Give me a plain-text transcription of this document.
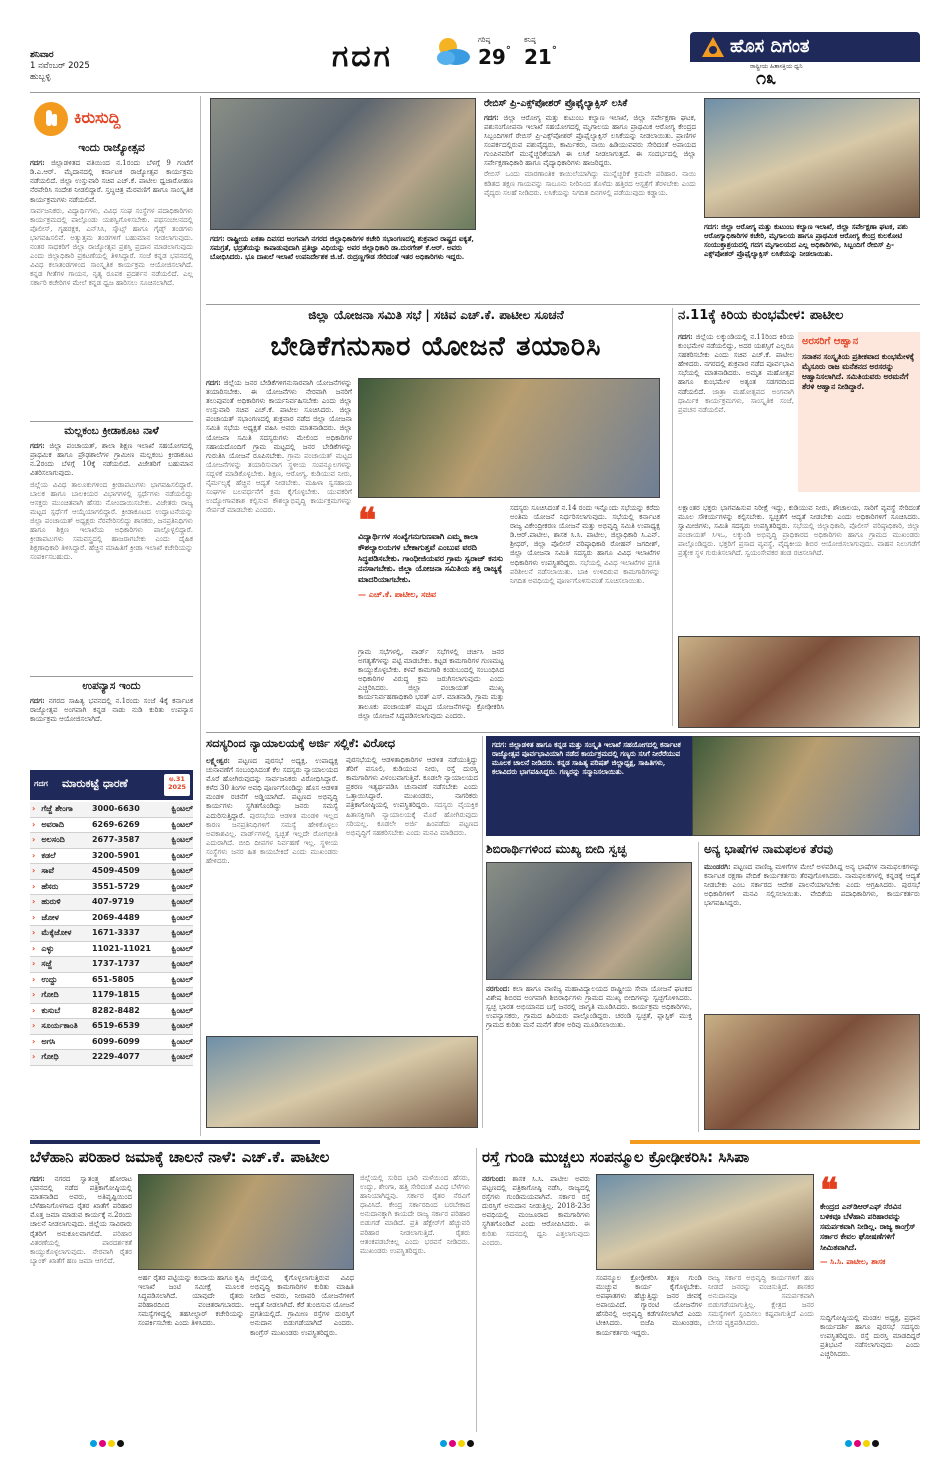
ಶನಿವಾರ
1 ನವೆಂಬರ್ 2025
ಹುಬ್ಬಳ್ಳಿ
ಗದಗ	ಗರಿಷ್ಠ
29°
ಕನಿಷ್ಠ
21°	ಹೊಸ ದಿಗಂತ
ರಾಷ್ಟ್ರೀಯ ಹಿತಾಸಕ್ತಿಯ ಧ್ವನಿ
೧೩
ಕಿರುಸುದ್ದಿ
ಇಂದು ರಾಜ್ಯೋತ್ಸವ
ಗದಗ: ಜಿಲ್ಲಾಡಳಿತದ ವತಿಯಿಂದ ನ.1ರಂದು ಬೆಳಗ್ಗೆ 9 ಗಂಟೆಗೆ ಡಿ.ಎ.ಆರ್. ಮೈದಾನದಲ್ಲಿ ಕರ್ನಾಟಕ ರಾಜ್ಯೋತ್ಸವ ಕಾರ್ಯಕ್ರಮ ನಡೆಯಲಿದೆ. ಜಿಲ್ಲಾ ಉಸ್ತುವಾರಿ ಸಚಿವ ಎಚ್.ಕೆ. ಪಾಟೀಲ ಧ್ವಜಾರೋಹಣ ನೆರವೇರಿಸಿ ಸಂದೇಶ ನೀಡಲಿದ್ದಾರೆ. ಸ್ತಬ್ಧಚಿತ್ರ ಮೆರವಣಿಗೆ ಹಾಗೂ ಸಾಂಸ್ಕೃತಿಕ ಕಾರ್ಯಕ್ರಮಗಳು ನಡೆಯಲಿವೆ.
ಸಾರ್ವಜನಿಕರು, ವಿದ್ಯಾರ್ಥಿಗಳು, ವಿವಿಧ ಸಂಘ ಸಂಸ್ಥೆಗಳ ಪದಾಧಿಕಾರಿಗಳು ಕಾರ್ಯಕ್ರಮದಲ್ಲಿ ಪಾಲ್ಗೊಂಡು ಯಶಸ್ವಿಗೊಳಿಸಬೇಕು. ಪಥಸಂಚಲನದಲ್ಲಿ ಪೊಲೀಸ್, ಗೃಹರಕ್ಷಕ, ಎನ್‌ಸಿಸಿ, ಸ್ಕೌಟ್ಸ್ ಹಾಗೂ ಗೈಡ್ಸ್ ತಂಡಗಳು ಭಾಗವಹಿಸಲಿವೆ. ಅತ್ಯುತ್ತಮ ತಂಡಗಳಿಗೆ ಬಹುಮಾನ ನೀಡಲಾಗುವುದು. ನಂತರ ಸಾಧಕರಿಗೆ ಜಿಲ್ಲಾ ರಾಜ್ಯೋತ್ಸವ ಪ್ರಶಸ್ತಿ ಪ್ರದಾನ ಮಾಡಲಾಗುವುದು ಎಂದು ಜಿಲ್ಲಾಧಿಕಾರಿ ಪ್ರಕಟಣೆಯಲ್ಲಿ ತಿಳಿಸಿದ್ದಾರೆ. ಸಂಜೆ ಕನ್ನಡ ಭವನದಲ್ಲಿ ವಿವಿಧ ಕಲಾತಂಡಗಳಿಂದ ಸಾಂಸ್ಕೃತಿಕ ಕಾರ್ಯಕ್ರಮ ಆಯೋಜಿಸಲಾಗಿದೆ. ಕನ್ನಡ ಗೀತೆಗಳ ಗಾಯನ, ನೃತ್ಯ ರೂಪಕ ಪ್ರದರ್ಶನ ನಡೆಯಲಿದೆ. ಎಲ್ಲ ಸರ್ಕಾರಿ ಕಚೇರಿಗಳ ಮೇಲೆ ಕನ್ನಡ ಧ್ವಜ ಹಾರಿಸಲು ಸೂಚಿಸಲಾಗಿದೆ.
ಮಲ್ಲಕಂಬ ಕ್ರೀಡಾಕೂಟ ನಾಳೆ
ಗದಗ: ಜಿಲ್ಲಾ ಪಂಚಾಯತ್, ಶಾಲಾ ಶಿಕ್ಷಣ ಇಲಾಖೆ ಸಹಯೋಗದಲ್ಲಿ ಪ್ರಾಥಮಿಕ ಹಾಗೂ ಪ್ರೌಢಶಾಲೆಗಳ ಗ್ರಾಮೀಣ ಮಲ್ಲಕಂಬ ಕ್ರೀಡಾಕೂಟ ನ.2ರಂದು ಬೆಳಗ್ಗೆ 10ಕ್ಕೆ ನಡೆಯಲಿದೆ. ವಿಜೇತರಿಗೆ ಬಹುಮಾನ ವಿತರಿಸಲಾಗುವುದು.
ಜಿಲ್ಲೆಯ ವಿವಿಧ ತಾಲೂಕುಗಳಿಂದ ಕ್ರೀಡಾಪಟುಗಳು ಭಾಗವಹಿಸಲಿದ್ದಾರೆ. ಬಾಲಕ ಹಾಗೂ ಬಾಲಕಿಯರ ವಿಭಾಗಗಳಲ್ಲಿ ಸ್ಪರ್ಧೆಗಳು ನಡೆಯಲಿದ್ದು ಆಸಕ್ತರು ಮುಂಚಿತವಾಗಿ ಹೆಸರು ನೋಂದಾಯಿಸಬೇಕು. ವಿಜೇತರು ರಾಜ್ಯ ಮಟ್ಟದ ಸ್ಪರ್ಧೆಗೆ ಆಯ್ಕೆಯಾಗಲಿದ್ದಾರೆ. ಕ್ರೀಡಾಕೂಟದ ಉದ್ಘಾಟನೆಯನ್ನು ಜಿಲ್ಲಾ ಪಂಚಾಯತ್ ಅಧ್ಯಕ್ಷರು ನೆರವೇರಿಸಲಿದ್ದು ಶಾಸಕರು, ಜನಪ್ರತಿನಿಧಿಗಳು ಹಾಗೂ ಶಿಕ್ಷಣ ಇಲಾಖೆಯ ಅಧಿಕಾರಿಗಳು ಪಾಲ್ಗೊಳ್ಳಲಿದ್ದಾರೆ. ಕ್ರೀಡಾಪಟುಗಳು ಸಮವಸ್ತ್ರದಲ್ಲಿ ಹಾಜರಾಗಬೇಕು ಎಂದು ದೈಹಿಕ ಶಿಕ್ಷಣಾಧಿಕಾರಿ ತಿಳಿಸಿದ್ದಾರೆ. ಹೆಚ್ಚಿನ ಮಾಹಿತಿಗೆ ಕ್ರೀಡಾ ಇಲಾಖೆ ಕಚೇರಿಯನ್ನು ಸಂಪರ್ಕಿಸಬಹುದು.
ಉಪನ್ಯಾಸ ಇಂದು
ಗದಗ: ನಗರದ ಸಾಹಿತ್ಯ ಭವನದಲ್ಲಿ ನ.1ರಂದು ಸಂಜೆ 4ಕ್ಕೆ ಕರ್ನಾಟಕ ರಾಜ್ಯೋತ್ಸವ ಅಂಗವಾಗಿ ಕನ್ನಡ ನಾಡು ನುಡಿ ಕುರಿತು ಉಪನ್ಯಾಸ ಕಾರ್ಯಕ್ರಮ ಆಯೋಜಿಸಲಾಗಿದೆ.
ಗದಗ	ಮಾರುಕಟ್ಟೆ ಧಾರಣೆ	ಅ.31 2025
› ಗೆಜ್ಜೆ ಶೇಂಗಾ	3000-6630	ಕ್ವಿಂಟಲ್
› ಅವರಾದಿ	6269-6269	ಕ್ವಿಂಟಲ್
› ಅಲಸಂದಿ	2677-3587	ಕ್ವಿಂಟಲ್
› ಕಡಲೆ	3200-5901	ಕ್ವಿಂಟಲ್
› ಸಾವೆ	4509-4509	ಕ್ವಿಂಟಲ್
› ಹೆಸರು	3551-5729	ಕ್ವಿಂಟಲ್
› ಹುರುಳಿ	407-9719	ಕ್ವಿಂಟಲ್
› ಜೋಳ	2069-4489	ಕ್ವಿಂಟಲ್
› ಮೆಕ್ಕೆಜೋಳ	1671-3337	ಕ್ವಿಂಟಲ್
› ಎಳ್ಳು	11021-11021	ಕ್ವಿಂಟಲ್
› ಸಜ್ಜೆ	1737-1737	ಕ್ವಿಂಟಲ್
› ಉದ್ದು	651-5805	ಕ್ವಿಂಟಲ್
› ಗೋದಿ	1179-1815	ಕ್ವಿಂಟಲ್
› ಕುಸುಬೆ	8282-8482	ಕ್ವಿಂಟಲ್
› ಸೂರ್ಯಕಾಂತಿ	6519-6539	ಕ್ವಿಂಟಲ್
› ಅಗಸಿ	6099-6099	ಕ್ವಿಂಟಲ್
› ಗೋಧಿ	2229-4077	ಕ್ವಿಂಟಲ್
ಗದಗ: ರಾಷ್ಟ್ರೀಯ ಏಕತಾ ದಿವಸದ ಅಂಗವಾಗಿ ನಗರದ ಜಿಲ್ಲಾಧಿಕಾರಿಗಳ ಕಚೇರಿ ಸಭಾಂಗಣದಲ್ಲಿ ಶುಕ್ರವಾರ ರಾಷ್ಟ್ರದ ಐಕ್ಯತೆ, ಸಮಗ್ರತೆ, ಭದ್ರತೆಯನ್ನು ಕಾಪಾಡುವುದಾಗಿ ಪ್ರತಿಜ್ಞಾ ವಿಧಿಯನ್ನು ಅಪರ ಜಿಲ್ಲಾಧಿಕಾರಿ ಡಾ.ದುರಗೇಶ್ ಕೆ.ಆರ್. ಅವರು ಬೋಧಿಸಿದರು. ಭೂ ದಾಖಲೆ ಇಲಾಖೆ ಉಪನಿರ್ದೇಶಕ ಜಿ.ಜೆ. ರುದ್ರಣ್ಣಗೌಡ ಸೇರಿದಂತೆ ಇತರ ಅಧಿಕಾರಿಗಳು ಇದ್ದರು.
ರೇಬಿಸ್ ಪ್ರಿ-ಎಕ್ಸ್‌ಪೋಶರ್ ಪ್ರೊಫೈಲ್ಯಾಕ್ಸಿಸ್ ಲಸಿಕೆ
ಗದಗ: ಜಿಲ್ಲಾ ಆರೋಗ್ಯ ಮತ್ತು ಕುಟುಂಬ ಕಲ್ಯಾಣ ಇಲಾಖೆ, ಜಿಲ್ಲಾ ಸರ್ವೇಕ್ಷಣಾ ಘಟಕ, ಪಶುಸಂಗೋಪನಾ ಇಲಾಖೆ ಸಹಯೋಗದಲ್ಲಿ ಮೃಗಾಲಯ ಹಾಗೂ ಪ್ರಾಥಮಿಕ ಆರೋಗ್ಯ ಕೇಂದ್ರದ ಸಿಬ್ಬಂದಿಗಳಿಗೆ ರೇಬಿಸ್ ಪ್ರಿ-ಎಕ್ಸ್‌ಪೋಶರ್ ಪ್ರೊಫೈಲ್ಯಾಕ್ಸಿಸ್ ಲಸಿಕೆಯನ್ನು ನೀಡಲಾಯಿತು. ಪ್ರಾಣಿಗಳ ಸಂಪರ್ಕದಲ್ಲಿರುವ ಪಶುವೈದ್ಯರು, ಕಾರ್ಮಿಕರು, ನಾಯಿ ಹಿಡಿಯುವವರು ಸೇರಿದಂತೆ ಅಪಾಯದ ಗುಂಪಿನವರಿಗೆ ಮುನ್ನೆಚ್ಚರಿಕೆಯಾಗಿ ಈ ಲಸಿಕೆ ನೀಡಲಾಗುತ್ತದೆ. ಈ ಸಂದರ್ಭದಲ್ಲಿ ಜಿಲ್ಲಾ ಸರ್ವೇಕ್ಷಣಾಧಿಕಾರಿ ಹಾಗೂ ವೈದ್ಯಾಧಿಕಾರಿಗಳು ಹಾಜರಿದ್ದರು.
ರೇಬಿಸ್ ಒಂದು ಮಾರಣಾಂತಿಕ ಕಾಯಿಲೆಯಾಗಿದ್ದು ಮುನ್ನೆಚ್ಚರಿಕೆ ಕ್ರಮವೇ ಪರಿಹಾರ. ನಾಯಿ ಕಡಿತದ ತಕ್ಷಣ ಗಾಯವನ್ನು ಸಾಬೂನು ನೀರಿನಿಂದ ತೊಳೆದು ಹತ್ತಿರದ ಆಸ್ಪತ್ರೆಗೆ ತೆರಳಬೇಕು ಎಂದು ವೈದ್ಯರು ಸಲಹೆ ನೀಡಿದರು. ಲಸಿಕೆಯನ್ನು ನಿಗದಿತ ದಿನಗಳಲ್ಲಿ ಪಡೆಯುವುದು ಕಡ್ಡಾಯ.
ಗದಗ: ಜಿಲ್ಲಾ ಆರೋಗ್ಯ ಮತ್ತು ಕುಟುಂಬ ಕಲ್ಯಾಣ ಇಲಾಖೆ, ಜಿಲ್ಲಾ ಸರ್ವೇಕ್ಷಣಾ ಘಟಕ, ಪಶು ಆರೋಗ್ಯಾಧಿಕಾರಿಗಳ ಕಚೇರಿ, ಮೃಗಾಲಯ ಹಾಗೂ ಪ್ರಾಥಮಿಕ ಆರೋಗ್ಯ ಕೇಂದ್ರ ಕುಲಕೋಟಿ ಸಂಯುಕ್ತಾಶ್ರಯದಲ್ಲಿ ಗದಗ ಮೃಗಾಲಯದ ಎಲ್ಲ ಅಧಿಕಾರಿಗಳು, ಸಿಬ್ಬಂದಿಗೆ ರೇಬಿಸ್ ಪ್ರಿ-ಎಕ್ಸ್‌ಪೋಶರ್ ಪ್ರೊಫೈಲ್ಯಾಕ್ಸಿಸ್ ಲಸಿಕೆಯನ್ನು ನೀಡಲಾಯಿತು.
ಜಿಲ್ಲಾ ಯೋಜನಾ ಸಮಿತಿ ಸಭೆ | ಸಚಿವ ಎಚ್.ಕೆ. ಪಾಟೀಲ ಸೂಚನೆ
ಬೇಡಿಕೆಗನುಸಾರ ಯೋಜನೆ ತಯಾರಿಸಿ
ಗದಗ: ಜಿಲ್ಲೆಯ ಜನರ ಬೇಡಿಕೆಗಳಿಗನುಸಾರವಾಗಿ ಯೋಜನೆಗಳನ್ನು ತಯಾರಿಸಬೇಕು. ಈ ಯೋಜನೆಗಳು ನೇರವಾಗಿ ಜನರಿಗೆ ತಲುಪುವಂತೆ ಅಧಿಕಾರಿಗಳು ಕಾರ್ಯನಿರ್ವಹಿಸಬೇಕು ಎಂದು ಜಿಲ್ಲಾ ಉಸ್ತುವಾರಿ ಸಚಿವ ಎಚ್.ಕೆ. ಪಾಟೀಲ ಸೂಚಿಸಿದರು. ಜಿಲ್ಲಾ ಪಂಚಾಯತ್ ಸಭಾಂಗಣದಲ್ಲಿ ಶುಕ್ರವಾರ ನಡೆದ ಜಿಲ್ಲಾ ಯೋಜನಾ ಸಮಿತಿ ಸಭೆಯ ಅಧ್ಯಕ್ಷತೆ ವಹಿಸಿ ಅವರು ಮಾತನಾಡಿದರು. ಜಿಲ್ಲಾ ಯೋಜನಾ ಸಮಿತಿ ಸದಸ್ಯರುಗಳು ಮೇಲಿಂದ ಅಧಿಕಾರಿಗಳ ಸಹಾಯದೊಂದಿಗೆ ಗ್ರಾಮ ಮಟ್ಟದಲ್ಲಿ ಜನರ ಬೇಡಿಕೆಗಳನ್ನು ಗುರುತಿಸಿ ಯೋಜನೆ ರೂಪಿಸಬೇಕು. ಗ್ರಾಮ ಪಂಚಾಯತ್ ಮಟ್ಟದ ಯೋಜನೆಗಳನ್ನು ತಯಾರಿಸುವಾಗ ಸ್ಥಳೀಯ ಸಂಪನ್ಮೂಲಗಳನ್ನು ಸದ್ಬಳಕೆ ಮಾಡಿಕೊಳ್ಳಬೇಕು. ಶಿಕ್ಷಣ, ಆರೋಗ್ಯ, ಕುಡಿಯುವ ನೀರು, ನೈರ್ಮಲ್ಯಕ್ಕೆ ಹೆಚ್ಚಿನ ಆದ್ಯತೆ ನೀಡಬೇಕು. ಮಹಿಳಾ ಸ್ವಸಹಾಯ ಸಂಘಗಳ ಬಲವರ್ಧನೆಗೆ ಕ್ರಮ ಕೈಗೊಳ್ಳಬೇಕು. ಯುವಕರಿಗೆ ಉದ್ಯೋಗಾವಕಾಶ ಕಲ್ಪಿಸುವ ಕೌಶಲ್ಯಾಭಿವೃದ್ಧಿ ಕಾರ್ಯಕ್ರಮಗಳನ್ನು ಸೇರ್ಪಡೆ ಮಾಡಬೇಕು ಎಂದರು.	❝
ವಿದ್ಯಾರ್ಥಿಗಳ ಸಂಖ್ಯೆಗನುಗುಣವಾಗಿ ಎಮ್ಮ ಕಾಲಾ ಕೌಶಲ್ಯಾಲಯಗಳ ಬೇಕಾಗುತ್ತವೆ ಎಂಬುವ ವರದಿ ಸಿದ್ಧಪಡಿಸಬೇಕು. ಗಾಂಧೀಜಿಯವರ ಗ್ರಾಮ ಸ್ವರಾಜ್ ಕನಸು ನನಸಾಗಬೇಕು. ಜಿಲ್ಲಾ ಯೋಜನಾ ಸಮಿತಿಯ ಶಕ್ತಿ ರಾಜ್ಯಕ್ಕೆ ಮಾದರಿಯಾಗಬೇಕು.
— ಎಚ್.ಕೆ. ಪಾಟೀಲ, ಸಚಿವ
ಗ್ರಾಮ ಸಭೆಗಳಲ್ಲಿ, ವಾರ್ಡ್ ಸಭೆಗಳಲ್ಲಿ ಚರ್ಚಿಸಿ ಜನರ ಅಗತ್ಯತೆಗಳನ್ನು ಪಟ್ಟಿ ಮಾಡಬೇಕು. ಕಟ್ಟಡ ಕಾಮಗಾರಿಗಳ ಗುಣಮಟ್ಟ ಕಾಯ್ದುಕೊಳ್ಳಬೇಕು. ಕಳಪೆ ಕಾಮಗಾರಿ ಕಂಡುಬಂದಲ್ಲಿ ಸಂಬಂಧಿಸಿದ ಅಧಿಕಾರಿಗಳ ವಿರುದ್ಧ ಕ್ರಮ ಜರುಗಿಸಲಾಗುವುದು ಎಂದು ಎಚ್ಚರಿಸಿದರು. ಜಿಲ್ಲಾ ಪಂಚಾಯತ್ ಮುಖ್ಯ ಕಾರ್ಯನಿರ್ವಹಣಾಧಿಕಾರಿ ಭರತ್ ಎಸ್. ಮಾತನಾಡಿ, ಗ್ರಾಮ ಮತ್ತು ತಾಲೂಕು ಪಂಚಾಯತ್ ಮಟ್ಟದ ಯೋಜನೆಗಳನ್ನು ಕ್ರೋಢೀಕರಿಸಿ ಜಿಲ್ಲಾ ಯೋಜನೆ ಸಿದ್ಧಪಡಿಸಲಾಗುವುದು ಎಂದರು.
ಸದಸ್ಯರು ಸೂಚಿಸಿದಂತೆ ನ.14 ರಂದು ಇನ್ನೊಂದು ಸಭೆಯನ್ನು ಕರೆದು ಅಂತಿಮ ಯೋಜನೆ ನಿರ್ಧರಿಸಲಾಗುವುದು. ಸಭೆಯಲ್ಲಿ ಕರ್ನಾಟಕ ರಾಜ್ಯ ವಿಕೇಂದ್ರೀಕರಣ ಯೋಜನೆ ಮತ್ತು ಅಭಿವೃದ್ಧಿ ಸಮಿತಿ ಉಪಾಧ್ಯಕ್ಷ ಡಿ.ಆರ್.ಪಾಟೀಲ, ಶಾಸಕ ಸಿ.ಸಿ. ಪಾಟೀಲ, ಜಿಲ್ಲಾಧಿಕಾರಿ ಸಿ.ಎನ್. ಶ್ರೀಧರ್, ಜಿಲ್ಲಾ ಪೊಲೀಸ್ ವರಿಷ್ಠಾಧಿಕಾರಿ ರೋಹನ್ ಜಗದೀಶ್, ಜಿಲ್ಲಾ ಯೋಜನಾ ಸಮಿತಿ ಸದಸ್ಯರು ಹಾಗೂ ವಿವಿಧ ಇಲಾಖೆಗಳ ಅಧಿಕಾರಿಗಳು ಉಪಸ್ಥಿತರಿದ್ದರು. ಸಭೆಯಲ್ಲಿ ವಿವಿಧ ಇಲಾಖೆಗಳ ಪ್ರಗತಿ ಪರಿಶೀಲನೆ ನಡೆಸಲಾಯಿತು. ಬಾಕಿ ಉಳಿದಿರುವ ಕಾಮಗಾರಿಗಳನ್ನು ನಿಗದಿತ ಅವಧಿಯಲ್ಲಿ ಪೂರ್ಣಗೊಳಿಸುವಂತೆ ಸೂಚಿಸಲಾಯಿತು.
ನ.11ಕ್ಕೆ ಕಿರಿಯ ಕುಂಭಮೇಳ: ಪಾಟೀಲ
ಗದಗ: ಜಿಲ್ಲೆಯ ಲಕ್ಕುಂಡಿಯಲ್ಲಿ ನ.11ರಿಂದ ಕಿರಿಯ ಕುಂಭಮೇಳ ನಡೆಯಲಿದ್ದು, ಅದರ ಯಶಸ್ಸಿಗೆ ಎಲ್ಲರೂ ಸಹಕರಿಸಬೇಕು ಎಂದು ಸಚಿವ ಎಚ್.ಕೆ. ಪಾಟೀಲ ಹೇಳಿದರು. ನಗರದಲ್ಲಿ ಶುಕ್ರವಾರ ನಡೆದ ಪೂರ್ವಭಾವಿ ಸಭೆಯಲ್ಲಿ ಮಾತನಾಡಿದರು. ಅಮೃತ ಮಹೋತ್ಸವ ಹಾಗೂ ಕುಂಭಮೇಳ ಅತ್ಯಂತ ಸಡಗರದಿಂದ ನಡೆಯಲಿದೆ. ಜಾತ್ರಾ ಮಹೋತ್ಸವದ ಅಂಗವಾಗಿ ಧಾರ್ಮಿಕ ಕಾರ್ಯಕ್ರಮಗಳು, ಸಾಂಸ್ಕೃತಿಕ ಸಂಜೆ, ಪ್ರವಚನ ನಡೆಯಲಿವೆ.
ಅರಸರಿಗೆ ಆಹ್ವಾನ
ಸನಾತನ ಸಂಸ್ಕೃತಿಯ ಪ್ರತೀಕವಾದ ಕುಂಭಮೇಳಕ್ಕೆ ಮೈಸೂರು ರಾಜ ಮನೆತನದ ಅರಸರನ್ನು ಆಹ್ವಾನಿಸಲಾಗಿದೆ. ಸಮಿತಿಯವರು ಅರಮನೆಗೆ ತೆರಳಿ ಆಹ್ವಾನ ನೀಡಿದ್ದಾರೆ.
ಲಕ್ಷಾಂತರ ಭಕ್ತರು ಭಾಗವಹಿಸುವ ನಿರೀಕ್ಷೆ ಇದ್ದು, ಕುಡಿಯುವ ನೀರು, ಶೌಚಾಲಯ, ಸಾರಿಗೆ ವ್ಯವಸ್ಥೆ ಸೇರಿದಂತೆ ಮೂಲ ಸೌಕರ್ಯಗಳನ್ನು ಕಲ್ಪಿಸಬೇಕು. ಸ್ವಚ್ಛತೆಗೆ ಆದ್ಯತೆ ನೀಡಬೇಕು ಎಂದು ಅಧಿಕಾರಿಗಳಿಗೆ ಸೂಚಿಸಿದರು. ಸ್ವಾಮೀಜಿಗಳು, ಸಮಿತಿ ಸದಸ್ಯರು ಉಪಸ್ಥಿತರಿದ್ದರು. ಸಭೆಯಲ್ಲಿ ಜಿಲ್ಲಾಧಿಕಾರಿ, ಪೊಲೀಸ್ ವರಿಷ್ಠಾಧಿಕಾರಿ, ಜಿಲ್ಲಾ ಪಂಚಾಯತ್ ಸಿಇಒ, ಲಕ್ಕುಂಡಿ ಅಭಿವೃದ್ಧಿ ಪ್ರಾಧಿಕಾರದ ಅಧಿಕಾರಿಗಳು ಹಾಗೂ ಗ್ರಾಮದ ಮುಖಂಡರು ಪಾಲ್ಗೊಂಡಿದ್ದರು. ಭಕ್ತರಿಗೆ ಪ್ರಸಾದ ವ್ಯವಸ್ಥೆ, ವೈದ್ಯಕೀಯ ಶಿಬಿರ ಆಯೋಜಿಸಲಾಗುವುದು. ವಾಹನ ನಿಲುಗಡೆಗೆ ಪ್ರತ್ಯೇಕ ಸ್ಥಳ ಗುರುತಿಸಲಾಗಿದೆ. ಸ್ವಯಂಸೇವಕರ ತಂಡ ರಚಿಸಲಾಗಿದೆ.
ಸದಸ್ಯರಿಂದ ನ್ಯಾಯಾಲಯಕ್ಕೆ ಅರ್ಜಿ ಸಲ್ಲಿಕೆ: ವಿರೋಧ
ಲಕ್ಷ್ಮೇಶ್ವರ: ಪಟ್ಟಣದ ಪುರಸಭೆ ಅಧ್ಯಕ್ಷ, ಉಪಾಧ್ಯಕ್ಷ ಚುನಾವಣೆಗೆ ಸಂಬಂಧಿಸಿದಂತೆ ಕೆಲ ಸದಸ್ಯರು ನ್ಯಾಯಾಲಯದ ಮೊರೆ ಹೋಗಿರುವುದನ್ನು ಸಾರ್ವಜನಿಕರು ವಿರೋಧಿಸಿದ್ದಾರೆ. ಕಳೆದ 30 ತಿಂಗಳ ಅವಧಿ ಪೂರ್ಣಗೊಂಡಿದ್ದು ಹೊಸ ಆಡಳಿತ ಮಂಡಳಿ ರಚನೆಗೆ ಅಡ್ಡಿಯಾಗಿದೆ. ಪಟ್ಟಣದ ಅಭಿವೃದ್ಧಿ ಕಾರ್ಯಗಳು ಸ್ಥಗಿತಗೊಂಡಿದ್ದು ಜನರು ಸಮಸ್ಯೆ ಎದುರಿಸುತ್ತಿದ್ದಾರೆ. ಪುರಸಭೆಯ ಆಡಳಿತ ಮಂಡಳಿ ಇಲ್ಲದ ಕಾರಣ ಜನಪ್ರತಿನಿಧಿಗಳಿಗೆ ಸಮಸ್ಯೆ ಹೇಳಿಕೊಳ್ಳಲು ಅವಕಾಶವಿಲ್ಲ. ವಾರ್ಡ್‌ಗಳಲ್ಲಿ ಸ್ವಚ್ಛತೆ ಇಲ್ಲದೇ ರೋಗಭೀತಿ ಎದುರಾಗಿದೆ. ಬೀದಿ ದೀಪಗಳ ನಿರ್ವಹಣೆ ಇಲ್ಲ. ಸ್ಥಳೀಯ ಸಂಸ್ಥೆಗಳು ಜನರ ಹಿತ ಕಾಯಬೇಕಿದೆ ಎಂದು ಮುಖಂಡರು ಹೇಳಿದರು.
ಪುರಸಭೆಯಲ್ಲಿ ಆಡಳಿತಾಧಿಕಾರಿಗಳ ಆಡಳಿತ ನಡೆಯುತ್ತಿದ್ದು ತೆರಿಗೆ ವಸೂಲಿ, ಕುಡಿಯುವ ನೀರು, ರಸ್ತೆ ದುರಸ್ತಿ ಕಾಮಗಾರಿಗಳು ವಿಳಂಬವಾಗುತ್ತಿವೆ. ಕೂಡಲೇ ನ್ಯಾಯಾಲಯದ ಪ್ರಕರಣ ಇತ್ಯರ್ಥಪಡಿಸಿ ಚುನಾವಣೆ ನಡೆಸಬೇಕು ಎಂದು ಒತ್ತಾಯಿಸಿದ್ದಾರೆ. ಮುಖಂಡರು, ನಾಗರಿಕರು ಪತ್ರಿಕಾಗೋಷ್ಠಿಯಲ್ಲಿ ಉಪಸ್ಥಿತರಿದ್ದರು. ಸದಸ್ಯರು ವೈಯಕ್ತಿಕ ಹಿತಾಸಕ್ತಿಗಾಗಿ ನ್ಯಾಯಾಲಯಕ್ಕೆ ಮೊರೆ ಹೋಗಿರುವುದು ಸರಿಯಲ್ಲ. ಕೂಡಲೇ ಅರ್ಜಿ ಹಿಂಪಡೆದು ಪಟ್ಟಣದ ಅಭಿವೃದ್ಧಿಗೆ ಸಹಕರಿಸಬೇಕು ಎಂದು ಮನವಿ ಮಾಡಿದರು.
ಗದಗ: ಜಿಲ್ಲಾಡಳಿತ ಹಾಗೂ ಕನ್ನಡ ಮತ್ತು ಸಂಸ್ಕೃತಿ ಇಲಾಖೆ ಸಹಯೋಗದಲ್ಲಿ ಕರ್ನಾಟಕ ರಾಜ್ಯೋತ್ಸವ ಪೂರ್ವಭಾವಿಯಾಗಿ ನಡೆದ ಕಾರ್ಯಕ್ರಮದಲ್ಲಿ ಗಣ್ಯರು ಸಸಿಗೆ ನೀರೆರೆಯುವ ಮೂಲಕ ಚಾಲನೆ ನೀಡಿದರು. ಕನ್ನಡ ಸಾಹಿತ್ಯ ಪರಿಷತ್ ಜಿಲ್ಲಾಧ್ಯಕ್ಷ, ಸಾಹಿತಿಗಳು, ಕಲಾವಿದರು ಭಾಗವಹಿಸಿದ್ದರು. ಗಣ್ಯರನ್ನು ಸನ್ಮಾನಿಸಲಾಯಿತು.
ಶಿಬಿರಾರ್ಥಿಗಳಿಂದ ಮುಖ್ಯ ಬೀದಿ ಸ್ವಚ್ಛ
ನರಗುಂದ: ಕಲಾ ಹಾಗೂ ವಾಣಿಜ್ಯ ಮಹಾವಿದ್ಯಾಲಯದ ರಾಷ್ಟ್ರೀಯ ಸೇವಾ ಯೋಜನೆ ಘಟಕದ ವಿಶೇಷ ಶಿಬಿರದ ಅಂಗವಾಗಿ ಶಿಬಿರಾರ್ಥಿಗಳು ಗ್ರಾಮದ ಮುಖ್ಯ ಬೀದಿಗಳನ್ನು ಸ್ವಚ್ಛಗೊಳಿಸಿದರು. ಸ್ವಚ್ಛ ಭಾರತ ಅಭಿಯಾನದ ಬಗ್ಗೆ ಜನರಲ್ಲಿ ಜಾಗೃತಿ ಮೂಡಿಸಿದರು. ಕಾರ್ಯಕ್ರಮ ಅಧಿಕಾರಿಗಳು, ಉಪನ್ಯಾಸಕರು, ಗ್ರಾಮದ ಹಿರಿಯರು ಪಾಲ್ಗೊಂಡಿದ್ದರು. ಚರಂಡಿ ಸ್ವಚ್ಛತೆ, ಪ್ಲಾಸ್ಟಿಕ್ ಮುಕ್ತ ಗ್ರಾಮದ ಕುರಿತು ಮನೆ ಮನೆಗೆ ತೆರಳಿ ಅರಿವು ಮೂಡಿಸಲಾಯಿತು.
ಅನ್ಯ ಭಾಷೆಗಳ ನಾಮಫಲಕ ತೆರವು
ಮುಂಡರಗಿ: ಪಟ್ಟಣದ ವಾಣಿಜ್ಯ ಮಳಿಗೆಗಳ ಮೇಲೆ ಅಳವಡಿಸಿದ್ದ ಅನ್ಯ ಭಾಷೆಗಳ ನಾಮಫಲಕಗಳನ್ನು ಕರ್ನಾಟಕ ರಕ್ಷಣಾ ವೇದಿಕೆ ಕಾರ್ಯಕರ್ತರು ತೆರವುಗೊಳಿಸಿದರು. ನಾಮಫಲಕಗಳಲ್ಲಿ ಕನ್ನಡಕ್ಕೆ ಆದ್ಯತೆ ನೀಡಬೇಕು ಎಂಬ ಸರ್ಕಾರದ ಆದೇಶ ಪಾಲನೆಯಾಗಬೇಕು ಎಂದು ಆಗ್ರಹಿಸಿದರು. ಪುರಸಭೆ ಅಧಿಕಾರಿಗಳಿಗೆ ಮನವಿ ಸಲ್ಲಿಸಲಾಯಿತು. ವೇದಿಕೆಯ ಪದಾಧಿಕಾರಿಗಳು, ಕಾರ್ಯಕರ್ತರು ಭಾಗವಹಿಸಿದ್ದರು.
ಬೆಳೆಹಾನಿ ಪರಿಹಾರ ಜಮಾಕ್ಕೆ ಚಾಲನೆ ನಾಳೆ: ಎಚ್.ಕೆ. ಪಾಟೀಲ
ಗದಗ: ನಗರದ ಸ್ವಾತಂತ್ರ್ಯ ಹೋರಾಟ ಭವನದಲ್ಲಿ ನಡೆದ ಪತ್ರಿಕಾಗೋಷ್ಠಿಯಲ್ಲಿ ಮಾತನಾಡಿದ ಅವರು, ಅತಿವೃಷ್ಟಿಯಿಂದ ಬೆಳೆಹಾನಿಗೊಳಗಾದ ರೈತರ ಖಾತೆಗೆ ಪರಿಹಾರ ಮೊತ್ತ ಜಮಾ ಮಾಡುವ ಕಾರ್ಯಕ್ಕೆ ನ.2ರಂದು ಚಾಲನೆ ನೀಡಲಾಗುವುದು. ಜಿಲ್ಲೆಯ ಸಾವಿರಾರು ರೈತರಿಗೆ ಅನುಕೂಲವಾಗಲಿದೆ. ಪರಿಹಾರ ವಿತರಣೆಯಲ್ಲಿ ಪಾರದರ್ಶಕತೆ ಕಾಯ್ದುಕೊಳ್ಳಲಾಗುವುದು. ನೇರವಾಗಿ ರೈತರ ಬ್ಯಾಂಕ್ ಖಾತೆಗೆ ಹಣ ಜಮಾ ಆಗಲಿದೆ.
ಅರ್ಹ ರೈತರ ಪಟ್ಟಿಯನ್ನು ಕಂದಾಯ ಹಾಗೂ ಕೃಷಿ ಇಲಾಖೆ ಜಂಟಿ ಸಮೀಕ್ಷೆ ಮೂಲಕ ಸಿದ್ಧಪಡಿಸಲಾಗಿದೆ. ಯಾವುದೇ ರೈತರು ಪರಿಹಾರದಿಂದ ವಂಚಿತರಾಗಬಾರದು. ಸಮಸ್ಯೆಗಳಿದ್ದಲ್ಲಿ ತಹಸೀಲ್ದಾರ್ ಕಚೇರಿಯನ್ನು ಸಂಪರ್ಕಿಸಬೇಕು ಎಂದು ತಿಳಿಸಿದರು.
ಜಿಲ್ಲೆಯಲ್ಲಿ ಕೈಗೊಳ್ಳಲಾಗುತ್ತಿರುವ ವಿವಿಧ ಅಭಿವೃದ್ಧಿ ಕಾಮಗಾರಿಗಳ ಕುರಿತು ಮಾಹಿತಿ ನೀಡಿದ ಅವರು, ನೀರಾವರಿ ಯೋಜನೆಗಳಿಗೆ ಆದ್ಯತೆ ನೀಡಲಾಗಿದೆ. ಕೆರೆ ತುಂಬಿಸುವ ಯೋಜನೆ ಪ್ರಗತಿಯಲ್ಲಿದೆ. ಗ್ರಾಮೀಣ ರಸ್ತೆಗಳ ದುರಸ್ತಿಗೆ ಅನುದಾನ ಬಿಡುಗಡೆಯಾಗಿದೆ ಎಂದರು. ಕಾಂಗ್ರೆಸ್ ಮುಖಂಡರು ಉಪಸ್ಥಿತರಿದ್ದರು.
ಜಿಲ್ಲೆಯಲ್ಲಿ ಸುರಿದ ಭಾರಿ ಮಳೆಯಿಂದ ಹೆಸರು, ಉದ್ದು, ಶೇಂಗಾ, ಹತ್ತಿ ಸೇರಿದಂತೆ ವಿವಿಧ ಬೆಳೆಗಳು ಹಾನಿಯಾಗಿದ್ದವು. ಸರ್ಕಾರ ರೈತರ ನೆರವಿಗೆ ಧಾವಿಸಿದೆ. ಕೇಂದ್ರ ಸರ್ಕಾರದಿಂದ ಬರಬೇಕಾದ ಅನುದಾನಕ್ಕಾಗಿ ಕಾಯದೇ ರಾಜ್ಯ ಸರ್ಕಾರ ಪರಿಹಾರ ಬಿಡುಗಡೆ ಮಾಡಿದೆ. ಪ್ರತಿ ಹೆಕ್ಟೇರ್‌ಗೆ ಹೆಚ್ಚುವರಿ ಪರಿಹಾರ ನೀಡಲಾಗುತ್ತಿದೆ. ರೈತರು ಆತಂಕಪಡಬೇಕಿಲ್ಲ ಎಂದು ಭರವಸೆ ನೀಡಿದರು. ಮುಖಂಡರು ಉಪಸ್ಥಿತರಿದ್ದರು.
ರಸ್ತೆ ಗುಂಡಿ ಮುಚ್ಚಲು ಸಂಪನ್ಮೂಲ ಕ್ರೋಢೀಕರಿಸಿ: ಸಿಸಿಪಾ
ನರಗುಂದ: ಶಾಸಕ ಸಿ.ಸಿ. ಪಾಟೀಲ ಅವರು ಪಟ್ಟಣದಲ್ಲಿ ಪತ್ರಿಕಾಗೋಷ್ಠಿ ನಡೆಸಿ, ರಾಜ್ಯದಲ್ಲಿ ರಸ್ತೆಗಳು ಗುಂಡಿಮಯವಾಗಿವೆ. ಸರ್ಕಾರ ರಸ್ತೆ ದುರಸ್ತಿಗೆ ಅನುದಾನ ನೀಡುತ್ತಿಲ್ಲ. 2018-23ರ ಅವಧಿಯಲ್ಲಿ ಮಂಜೂರಾದ ಕಾಮಗಾರಿಗಳು ಸ್ಥಗಿತಗೊಂಡಿವೆ ಎಂದು ಆರೋಪಿಸಿದರು. ಈ ಕುರಿತು ಸದನದಲ್ಲಿ ಧ್ವನಿ ಎತ್ತಲಾಗುವುದು ಎಂದರು.
ಸಂಪನ್ಮೂಲ ಕ್ರೋಢೀಕರಿಸಿ ತಕ್ಷಣ ಗುಂಡಿ ಮುಚ್ಚುವ ಕಾರ್ಯ ಕೈಗೊಳ್ಳಬೇಕು. ಅಪಘಾತಗಳು ಹೆಚ್ಚುತ್ತಿದ್ದು ಜನರ ಜೀವಕ್ಕೆ ಅಪಾಯವಿದೆ. ಗ್ಯಾರಂಟಿ ಯೋಜನೆಗಳ ಹೆಸರಿನಲ್ಲಿ ಅಭಿವೃದ್ಧಿ ಕಡೆಗಣಿಸಲಾಗಿದೆ ಎಂದು ಟೀಕಿಸಿದರು. ಬಿಜೆಪಿ ಮುಖಂಡರು, ಕಾರ್ಯಕರ್ತರು ಇದ್ದರು.
ರಾಜ್ಯ ಸರ್ಕಾರ ಅಭಿವೃದ್ಧಿ ಕಾರ್ಯಗಳಿಗೆ ಹಣ ನೀಡದೆ ಜನರನ್ನು ವಂಚಿಸುತ್ತಿದೆ. ಶಾಸಕರ ಅನುದಾನವೂ ಸಮರ್ಪಕವಾಗಿ ಬಿಡುಗಡೆಯಾಗುತ್ತಿಲ್ಲ. ಕ್ಷೇತ್ರದ ಜನರ ಸಮಸ್ಯೆಗಳಿಗೆ ಸ್ಪಂದಿಸಲು ಕಷ್ಟವಾಗುತ್ತಿದೆ ಎಂದು ಬೇಸರ ವ್ಯಕ್ತಪಡಿಸಿದರು.
❝
ಕೇಂದ್ರದ ಎನ್‌ಡಿಆರ್‌ಎಫ್ ನೆರವಿನ ಬಳಿಕವೂ ಬೆಳೆಹಾನಿ ಪರಿಹಾರವನ್ನು ಸಮರ್ಪಕವಾಗಿ ನೀಡಿಲ್ಲ. ರಾಜ್ಯ ಕಾಂಗ್ರೆಸ್ ಸರ್ಕಾರ ಕೇವಲ ಘೋಷಣೆಗಳಿಗೆ ಸೀಮಿತವಾಗಿದೆ.
— ಸಿ.ಸಿ. ಪಾಟೀಲ, ಶಾಸಕ
ಸುದ್ದಿಗೋಷ್ಠಿಯಲ್ಲಿ ಮಂಡಲ ಅಧ್ಯಕ್ಷ, ಪ್ರಧಾನ ಕಾರ್ಯದರ್ಶಿ ಹಾಗೂ ಪುರಸಭೆ ಸದಸ್ಯರು ಉಪಸ್ಥಿತರಿದ್ದರು. ರಸ್ತೆ ದುರಸ್ತಿ ಮಾಡದಿದ್ದರೆ ಪ್ರತಿಭಟನೆ ನಡೆಸಲಾಗುವುದು ಎಂದು ಎಚ್ಚರಿಸಿದರು.
